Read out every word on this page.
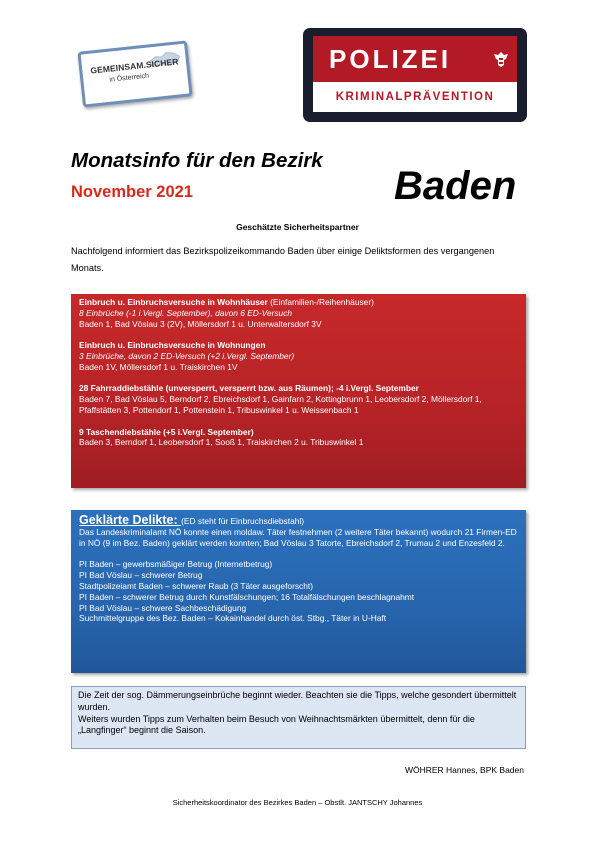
GEMEINSAM.SICHER
in Österreich
POLIZEI
KRIMINALPRÄVENTION
Monatsinfo für den Bezirk
November 2021	Baden
Geschätzte Sicherheitspartner
Nachfolgend informiert das Bezirkspolizeikommando Baden über einige Deliktsformen des vergangenen Monats.
Einbruch u. Einbruchsversuche in Wohnhäuser (Einfamilien-/Reihenhäuser)
8 Einbrüche (-1 i.Vergl. September), davon 6 ED-Versuch
Baden 1, Bad Vöslau 3 (2V), Möllersdorf 1 u. Unterwaltersdorf 3V
Einbruch u. Einbruchsversuche in Wohnungen
3 Einbrüche, davon 2 ED-Versuch (+2 i.Vergl. September)
Baden 1V, Möllersdorf 1 u. Traiskirchen 1V
28 Fahrraddiebstähle (unversperrt, versperrt bzw. aus Räumen); -4 i.Vergl. September
Baden 7, Bad Vöslau 5, Berndorf 2, Ebreichsdorf 1, Gainfarn 2, Kottingbrunn 1, Leobersdorf 2, Möllersdorf 1, Pfaffstätten 3, Pottendorf 1, Pottenstein 1, Tribuswinkel 1 u. Weissenbach 1
9 Taschendiebstähle (+5 i.Vergl. September)
Baden 3, Berndorf 1, Leobersdorf 1, Sooß 1, Traiskirchen 2 u. Tribuswinkel 1
Geklärte Delikte: (ED steht für Einbruchsdiebstahl)
Das Landeskriminalamt NÖ konnte einen moldaw. Täter festnehmen (2 weitere Täter bekannt) wodurch 21 Firmen-ED in NÖ (9 im Bez. Baden) geklärt werden konnten; Bad Vöslau 3 Tatorte, Ebreichsdorf 2, Trumau 2 und Enzesfeld 2.
PI Baden – gewerbsmäßiger Betrug (Internetbetrug)
PI Bad Vöslau – schwerer Betrug
Stadtpolizeiamt Baden – schwerer Raub (3 Täter ausgeforscht)
PI Baden – schwerer Betrug durch Kunstfälschungen; 16 Totalfälschungen beschlagnahmt
PI Bad Vöslau – schwere Sachbeschädigung
Suchmittelgruppe des Bez. Baden – Kokainhandel durch öst. Stbg., Täter in U-Haft
Die Zeit der sog. Dämmerungseinbrüche beginnt wieder. Beachten sie die Tipps, welche gesondert übermittelt wurden.
Weiters wurden Tipps zum Verhalten beim Besuch von Weihnachtsmärkten übermittelt, denn für die „Langfinger“ beginnt die Saison.
WÖHRER Hannes, BPK Baden
Sicherheitskoordinator des Bezirkes Baden – Obstlt. JANTSCHY Johannes
